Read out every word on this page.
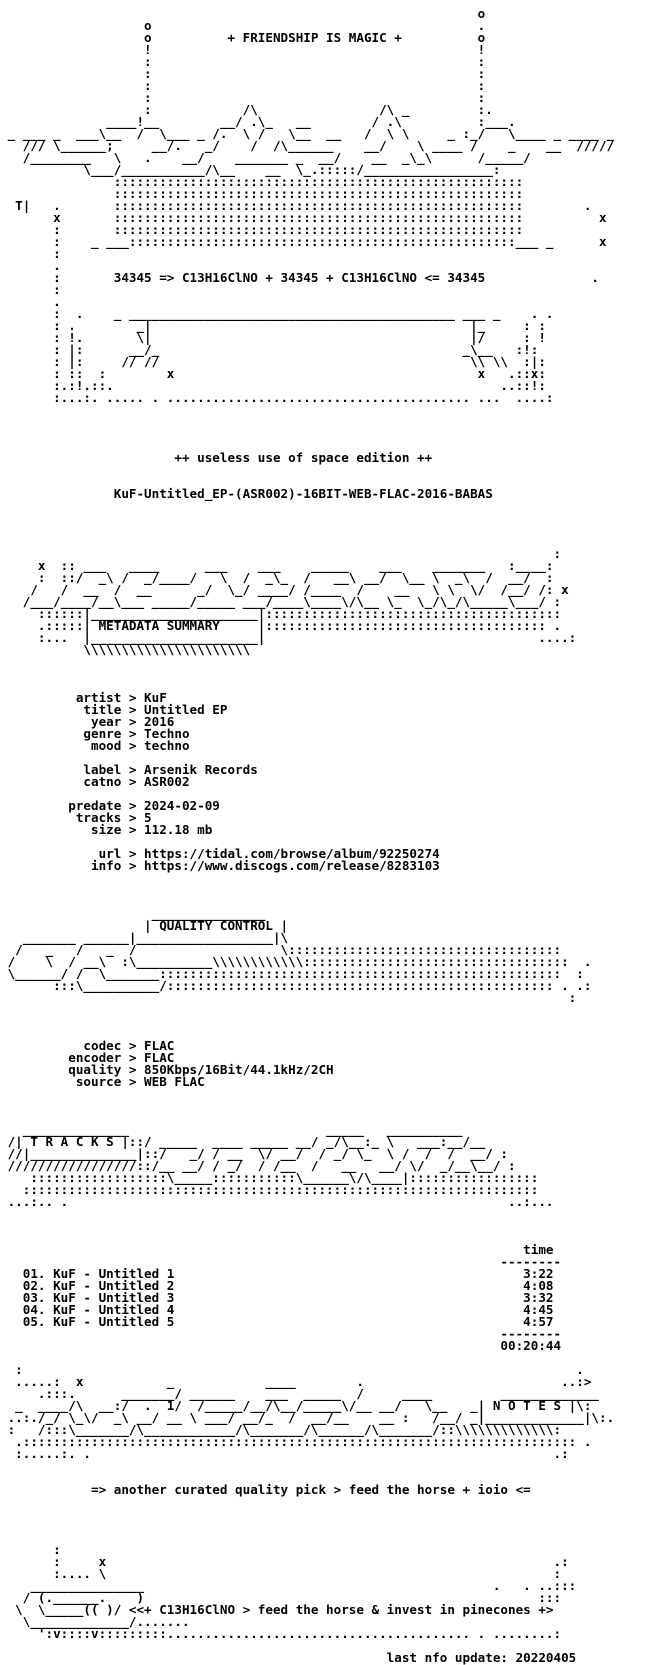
o
o                                           .
o          + FRIENDSHIP IS MAGIC +          o
!                                           !
:                                           :
:                                           :
:                                           :
:                                           :
:            /\                /\ _         :.
____!__        __/ .\_   __        / .\          :___.
_ ___ _  ___\__  /  \___ _ /.  \ /   \__  __   /  \ \     _ :_/   \____ _ ____ _
/// \______;     __/.   _/    /  /\______    __/    \ ____ /    _    __  /////
/________   \   .    __/    _______ _  __/    __  _\_\      /_____/
\___/___________/\__    __  \_.:::::/_________________:
::::::::::::::::::::::::::::::::::::::::::::::::::::::
::::::::::::::::::::::::::::::::::::::::::::::::::::::
T|   .       ::::::::::::::::::::::::::::::::::::::::::::::::::::::        .
x       ::::::::::::::::::::::::::::::::::::::::::::::::::::::          x
:       ::::::::::::::::::::::::::::::::::::::::::::::::::::::
:    _ ___:::::::::::::::::::::::::::::::::::::::::::::::::::___ _      x
:
.
:       34345 => C13H16ClNO + 34345 + C13H16ClNO <= 34345              .
:
.
:  .    _ ___________________________________________ ___ _    . .
: .        _|                                          |_     : :
: !.       \|                                          |/     : !
: |:      __/_                                        _\__   :!:
: |:     // //                                         \\ \\  :|:
: ::  :        x                                        x   .::x:
:.:!.::.                                                   ..::!:
:...:. ..... . ........................................ ...  ....:
++ useless use of space edition ++
KuF-Untitled_EP-(ASR002)-16BIT-WEB-FLAC-2016-BABAS
:
x  :: ___   ____      ___    ___    _____    ___    _______   :____:
:  ::/  _\ /  _/____/   \  /  _\_  /   __\ __/  \__ \  _\  /  __/  :
/   /  __  /  __      _/  \_/ ____/ /____  /    __   \ \  \/  /__/ /: x
/___/____/__\___ _____/_____ ___/____\____\/\__ \_  \_/\_/\_____\___/ :
::::::|______________________|:::::::::::::::::::::::::::::::::::::::
.:::::| METADATA SUMMARY     |::::::::::::::::::::::::::::::::::::: .
:...  |______________________|                                    ....:
\\\\\\\\\\\\\\\\\\\\\\
artist > KuF
title > Untitled EP
year > 2016
genre > Techno
mood > techno
label > Arsenik Records
catno > ASR002
predate > 2024-02-09
tracks > 5
size > 112.18 mb
url > https://tidal.com/browse/album/92250274
info > https://www.discogs.com/release/8283103
_______________
| QUALITY CONTROL |
_______ ______|__________________|\
/   _   /   _  /                   \::::::::::::::::::::::::::::::::::::
/    \  / __\  :\__________\\\\\\\\\\\\:::::::::::::::::::::::::::::::::::  .
\______/ /  \_______:::::::::::::::::::::::::::::::::::::::::::::::::::::  :
:::\__________/::::::::::::::::::::::::::::::::::::::::::::::::::: . .:
:
codec > FLAC
encoder > FLAC
quality > 850Kbps/16Bit/44.1kHz/2CH
source > WEB FLAC
______________                          _____   __________
/| T R A C K S |::/ _____  ____ _____ __/ _/\__:_ \   ___:__/__
//|______________|::/   _/ / __  \/ __/  / _/ \_  \ /  /  /  __/ :
/////////////////::/__ __/ / _/  / /__  /   __   __/ \/  _/__\__/ :
::::::::::::::::::\_____:::::::::::\______\/\____|:::::::::::::::::
::::::::::::::::::::::::::::::::::::::::::::::::::::::::::::::::::::
...:.. .                                                          ..:...
time
--------
01. KuF - Untitled 1                                              3:22
02. KuF - Untitled 2                                              4:08
03. KuF - Untitled 3                                              3:32
04. KuF - Untitled 4                                              4:45
05. KuF - Untitled 5                                              4:57
--------
00:20:44
:                                                                         .
.....:  x           _            ____        .                          ..:>
.:::.      _______/ ______    ___  _____  /     ____         _____________
_  ____/\  __:/  .  1/  /_____/__/\__/_____\/__ __/   \__   _| N O T E S |\:
..:./_/ \_\/  _\ __/ __ \ ___/ __/_  /  __/__    __ :   /__/ _|_____________|\:.
:   /:::\_______/\____________/\_______/\______/\_______/::\\\\\\\\\\\\\:
.::::::::::::::::::::::::::::::::::::::::::::::::::::::::::::::::::::::::: .
:.....:. .                                                             .:
=> another curated quality pick > feed the horse + ioio <=
:
:     x                                                           .:
:.... \                                                           :
_______________                                              .   . ..:::
/ (.______.    )                                                    :::
\  \_____(( )/ <<+ C13H16ClNO > feed the horse & invest in pinecones +>
\_____________/.......
':v::::v:::::::::........................................ . ........:
last nfo update: 20220405
